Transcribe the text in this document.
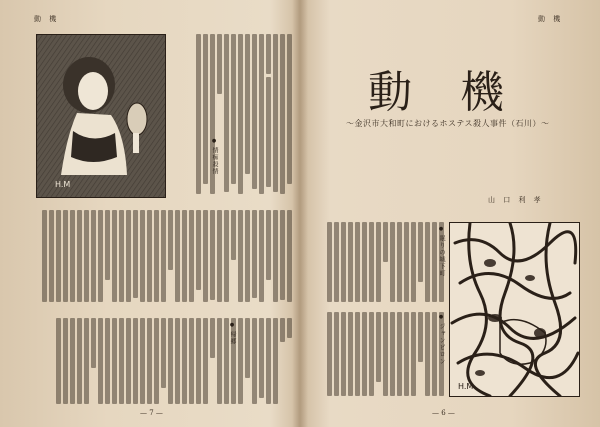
動 機
H.M
● 情痴殺情
● 帰郷
— 7 —
動 機
動機
〜金沢市大和町におけるホステス殺人事件（石川）〜
山 口 利 孝
● 眠りの城下町
● ジャンピロン
H.M
— 6 —
